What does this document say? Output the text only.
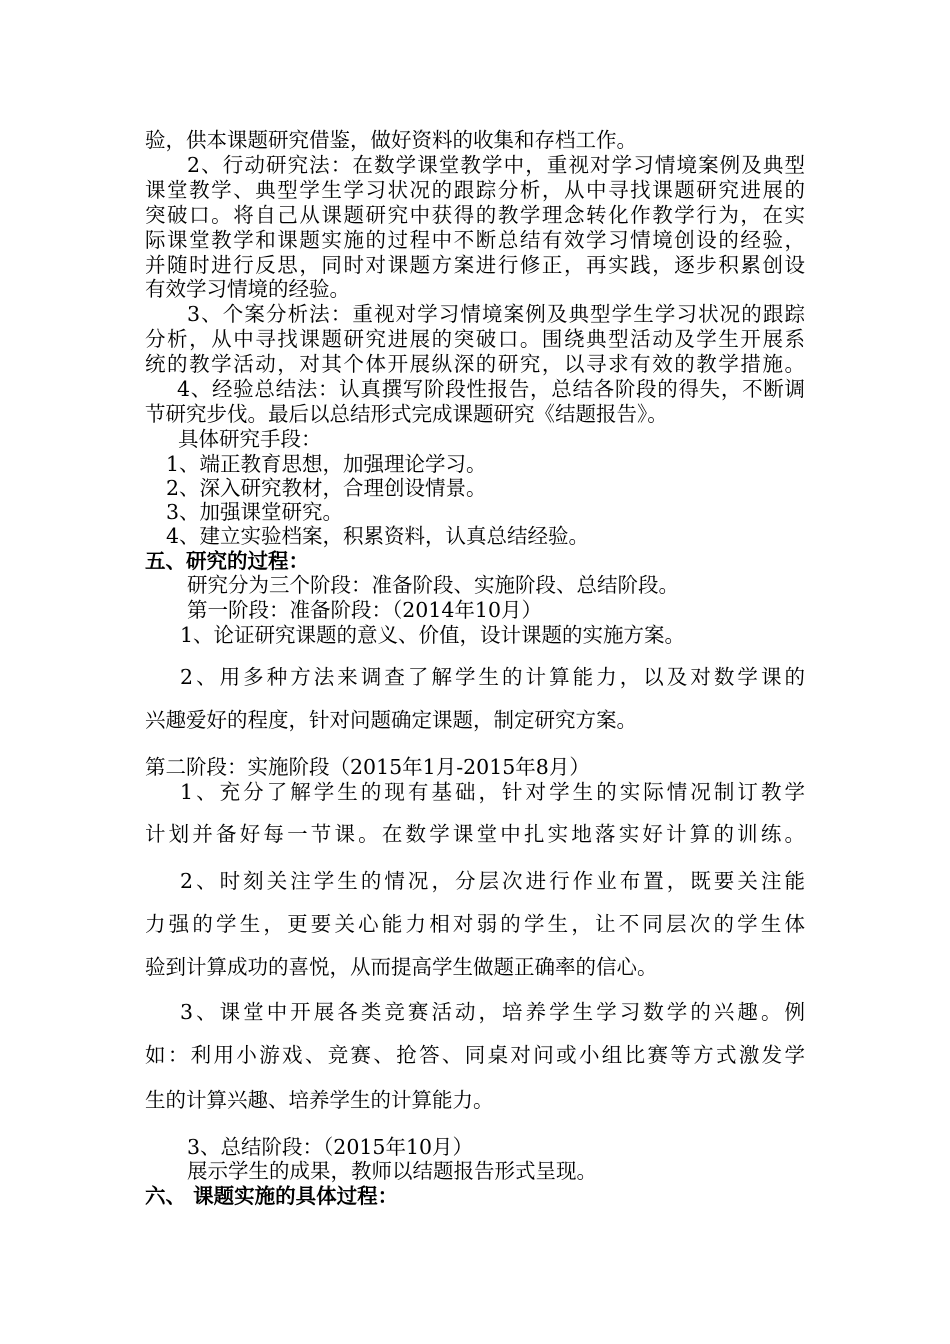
验，供本课题研究借鉴，做好资料的收集和存档工作。
2、行动研究法：在数学课堂教学中，重视对学习情境案例及典型
课堂教学、典型学生学习状况的跟踪分析，从中寻找课题研究进展的
突破口。将自己从课题研究中获得的教学理念转化作教学行为，在实
际课堂教学和课题实施的过程中不断总结有效学习情境创设的经验，
并随时进行反思，同时对课题方案进行修正，再实践，逐步积累创设
有效学习情境的经验。
3、个案分析法：重视对学习情境案例及典型学生学习状况的跟踪
分析，从中寻找课题研究进展的突破口。围绕典型活动及学生开展系
统的教学活动，对其个体开展纵深的研究，以寻求有效的教学措施。
4、经验总结法：认真撰写阶段性报告，总结各阶段的得失，不断调
节研究步伐。最后以总结形式完成课题研究《结题报告》。
具体研究手段：
1、端正教育思想，加强理论学习。
2、深入研究教材，合理创设情景。
3、加强课堂研究。
4、建立实验档案，积累资料，认真总结经验。
五、研究的过程：
研究分为三个阶段：准备阶段、实施阶段、总结阶段。
第一阶段：准备阶段：（2014年10月）
1、论证研究课题的意义、价值，设计课题的实施方案。
2、用多种方法来调查了解学生的计算能力，以及对数学课的
兴趣爱好的程度，针对问题确定课题，制定研究方案。
第二阶段：实施阶段（2015年1月-2015年8月）
1、充分了解学生的现有基础，针对学生的实际情况制订教学
计划并备好每一节课。在数学课堂中扎实地落实好计算的训练。
2、时刻关注学生的情况，分层次进行作业布置，既要关注能
力强的学生，更要关心能力相对弱的学生，让不同层次的学生体
验到计算成功的喜悦，从而提高学生做题正确率的信心。
3、课堂中开展各类竞赛活动，培养学生学习数学的兴趣。例
如：利用小游戏、竞赛、抢答、同桌对问或小组比赛等方式激发学
生的计算兴趣、培养学生的计算能力。
3、总结阶段：（2015年10月）
展示学生的成果，教师以结题报告形式呈现。
六、 课题实施的具体过程：
